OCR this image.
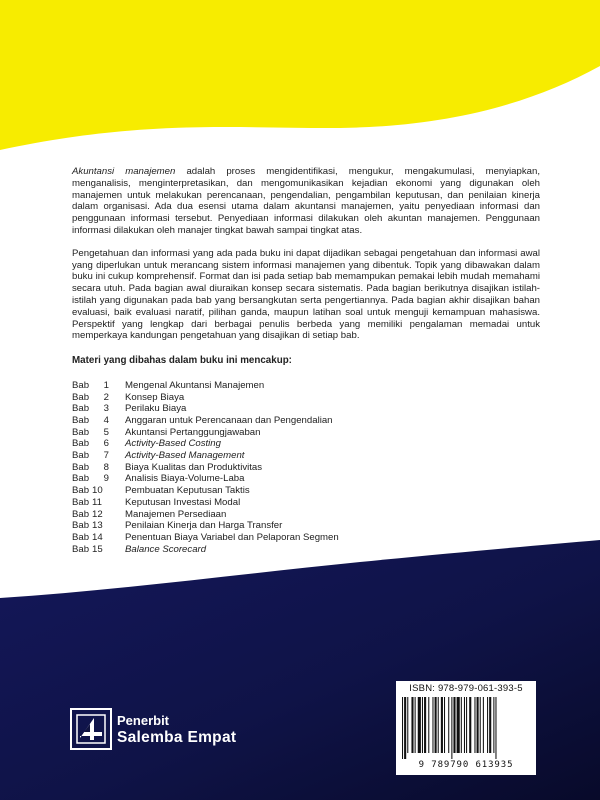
Akuntansi manajemen adalah proses mengidentifikasi, mengukur, mengakumulasi, menyiapkan, menganalisis, menginterpretasikan, dan mengomunikasikan kejadian ekonomi yang digunakan oleh manajemen untuk melakukan perencanaan, pengendalian, pengambilan keputusan, dan penilaian kinerja dalam organisasi. Ada dua esensi utama dalam akuntansi manajemen, yaitu penyediaan informasi dan penggunaan informasi tersebut. Penyediaan informasi dilakukan oleh akuntan manajemen. Penggunaan informasi dilakukan oleh manajer tingkat bawah sampai tingkat atas.

Pengetahuan dan informasi yang ada pada buku ini dapat dijadikan sebagai pengetahuan dan informasi awal yang diperlukan untuk merancang sistem informasi manajemen yang dibentuk. Topik yang dibawakan dalam buku ini cukup komprehensif. Format dan isi pada setiap bab memampukan pemakai lebih mudah memahami secara utuh. Pada bagian awal diuraikan konsep secara sistematis. Pada bagian berikutnya disajikan istilah-istilah yang digunakan pada bab yang bersangkutan serta pengertiannya. Pada bagian akhir disajikan bahan evaluasi, baik evaluasi naratif, pilihan ganda, maupun latihan soal untuk menguji kemampuan mahasiswa. Perspektif yang lengkap dari berbagai penulis berbeda yang memiliki pengalaman memadai untuk memperkaya kandungan pengetahuan yang disajikan di setiap bab.

Materi yang dibahas dalam buku ini mencakup:
Bab	1	Mengenal Akuntansi Manajemen
Bab	2	Konsep Biaya
Bab	3	Perilaku Biaya
Bab	4	Anggaran untuk Perencanaan dan Pengendalian
Bab	5	Akuntansi Pertanggungjawaban
Bab	6	Activity-Based Costing
Bab	7	Activity-Based Management
Bab	8	Biaya Kualitas dan Produktivitas
Bab	9	Analisis Biaya-Volume-Laba
Bab 10	Pembuatan Keputusan Taktis
Bab 11	Keputusan Investasi Modal
Bab 12	Manajemen Persediaan
Bab 13	Penilaian Kinerja dan Harga Transfer
Bab 14	Penentuan Biaya Variabel dan Pelaporan Segmen
Bab 15	Balance Scorecard
Penerbit
Salemba Empat
ISBN: 978-979-061-393-5
9 789790 613935
